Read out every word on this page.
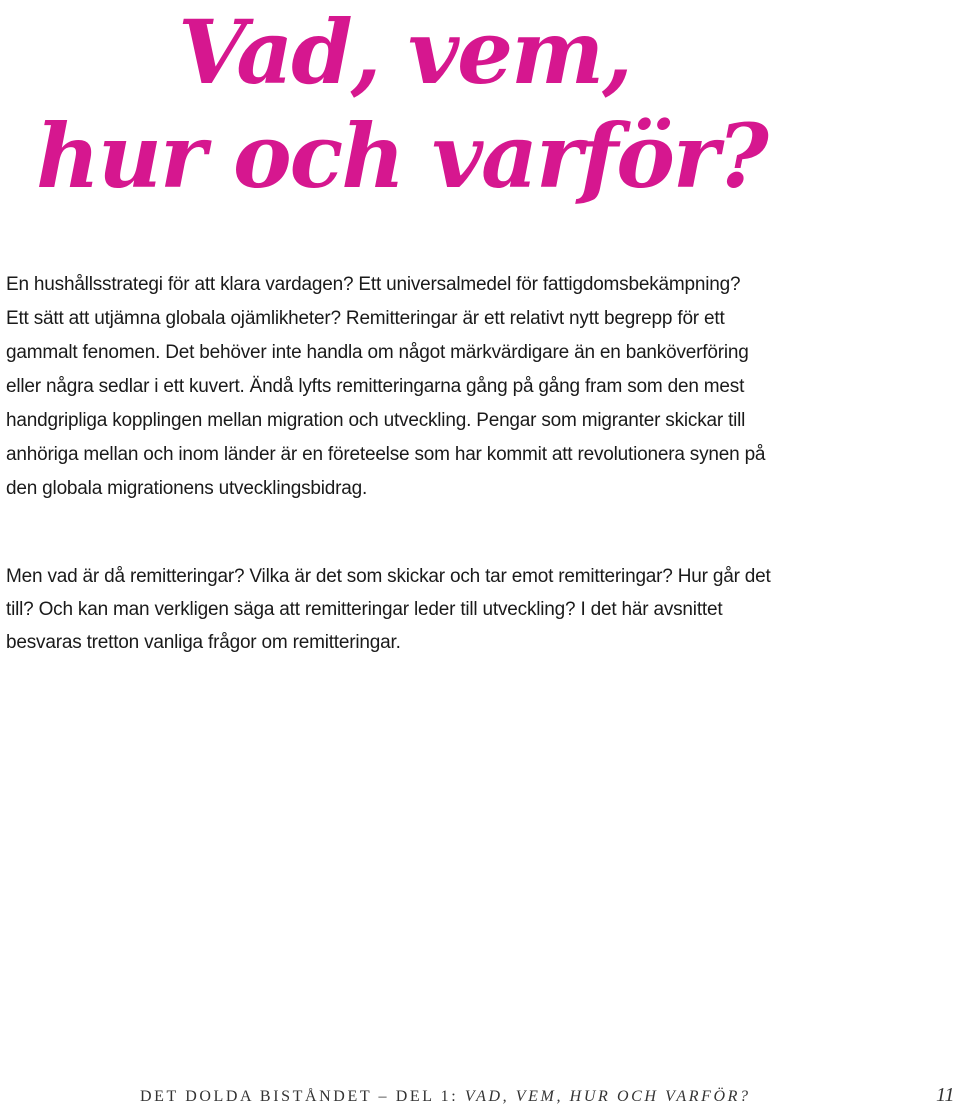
Vad, vem,
hur och varför?

En hushållsstrategi för att klara vardagen? Ett universalmedel för fattigdomsbekämpning? Ett sätt att utjämna globala ojämlikheter? Remitteringar är ett relativt nytt begrepp för ett gammalt fenomen. Det behöver inte handla om något märkvärdigare än en banköverföring eller några sedlar i ett kuvert. Ändå lyfts remitteringarna gång på gång fram som den mest handgripliga kopplingen mellan migration och utveckling. Pengar som migranter skickar till anhöriga mellan och inom länder är en företeelse som har kommit att revolutionera synen på den globala migrationens utvecklingsbidrag.

Men vad är då remitteringar? Vilka är det som skickar och tar emot remitteringar? Hur går det till? Och kan man verkligen säga att remitteringar leder till utveckling? I det här avsnittet besvaras tretton vanliga frågor om remitteringar.

DET DOLDA BISTÅNDET – DEL 1: VAD, VEM, HUR OCH VARFÖR?	11
